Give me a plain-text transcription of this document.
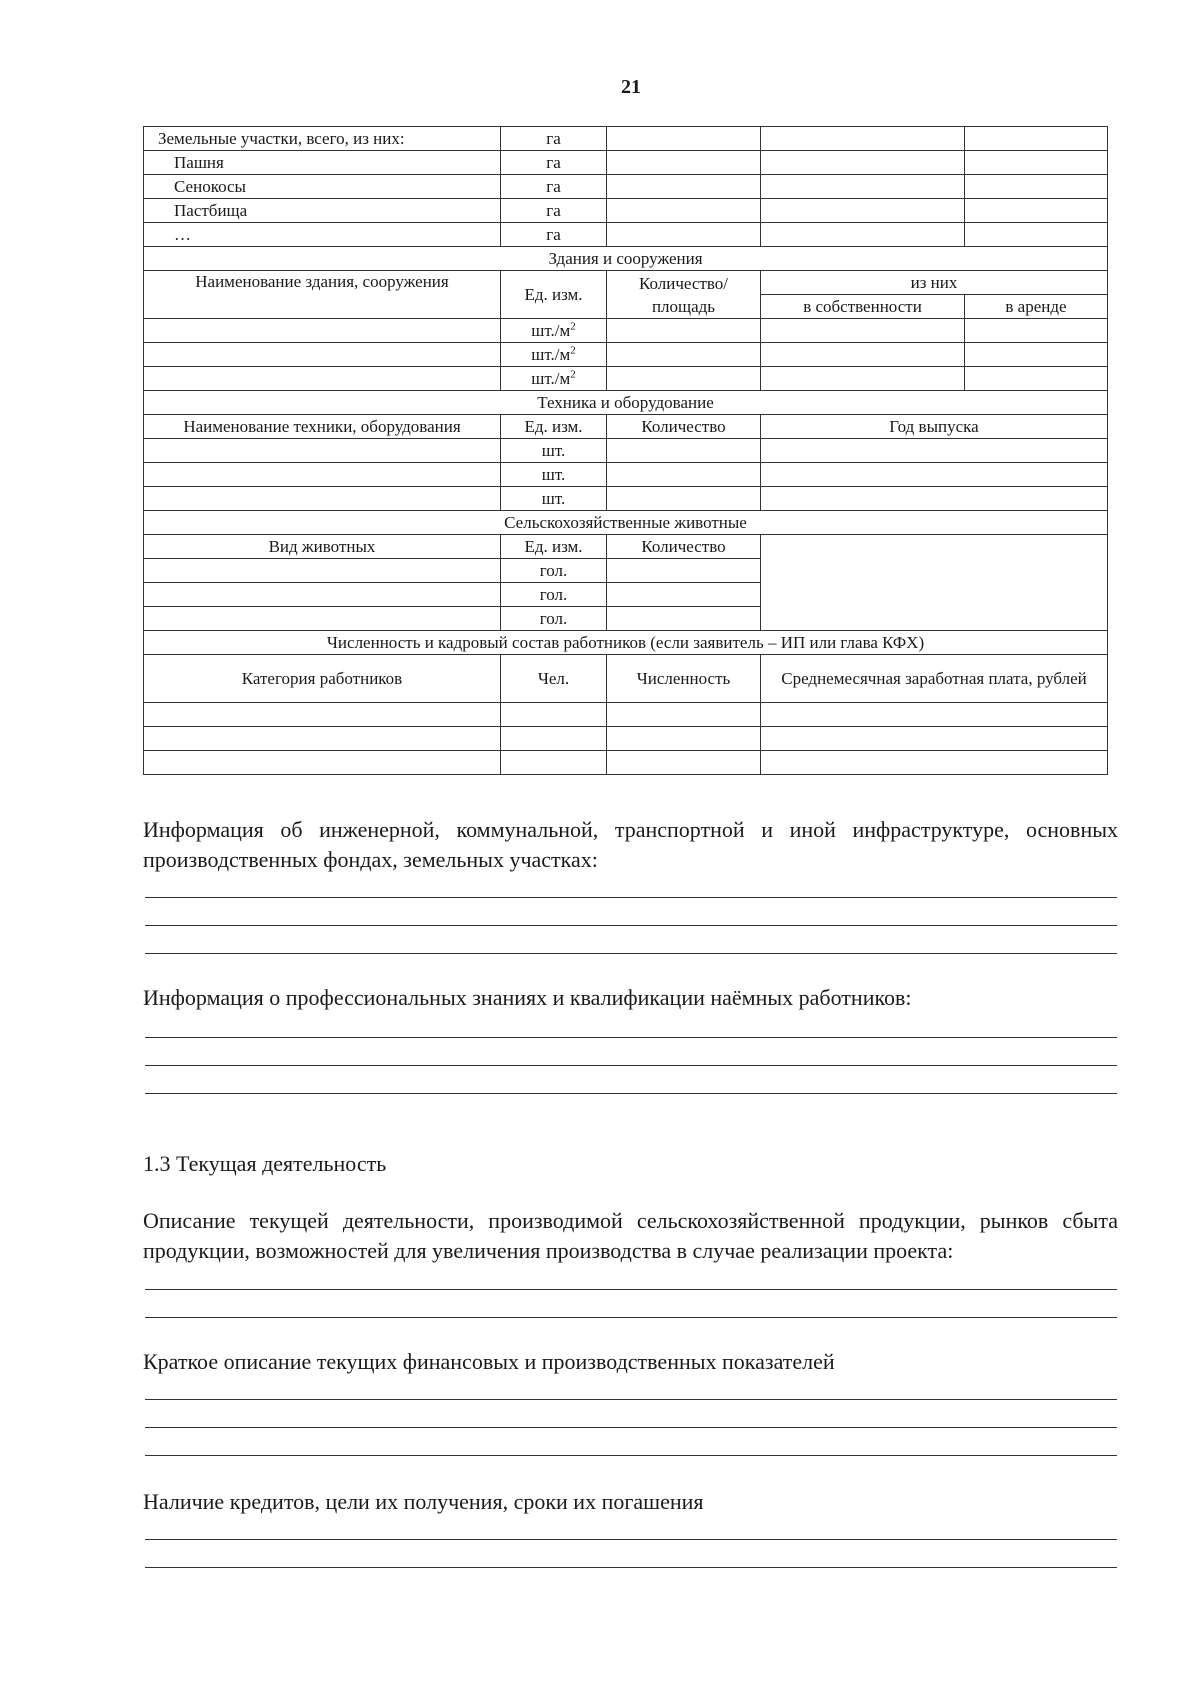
21
Земельные участки, всего, из них:	га			
Пашня	га			
Сенокосы	га			
Пастбища	га			
…	га			
Здания и сооружения				
Наименование здания, сооружения	Ед. изм.	Количество/площадь	из них	
			в собственности	в аренде
	$шт./м^2$			
	$шт./м^2$			
	$шт./м^2$			
Техника и оборудование				
Наименование техники, оборудования	Ед. изм.	Количество	Год выпуска	
	шт.			
	шт.			
	шт.			
Сельскохозяйственные животные				
Вид животных	Ед. изм.	Количество		
	гол.			
	гол.			
	гол.			
Численность и кадровый состав работников (если заявитель – ИП или глава КФХ)				
Категория работников	Чел.	Численность	Среднемесячная заработная плата, рублей	

Информация об инженерной, коммунальной, транспортной и иной инфраструктуре, основных производственных фондах, земельных участках:
Информация о профессиональных знаниях и квалификации наёмных работников:
1.3 Текущая деятельность
Описание текущей деятельности, производимой сельскохозяйственной продукции, рынков сбыта продукции, возможностей для увеличения производства в случае реализации проекта:
Краткое описание текущих финансовых и производственных показателей
Наличие кредитов, цели их получения, сроки их погашения
